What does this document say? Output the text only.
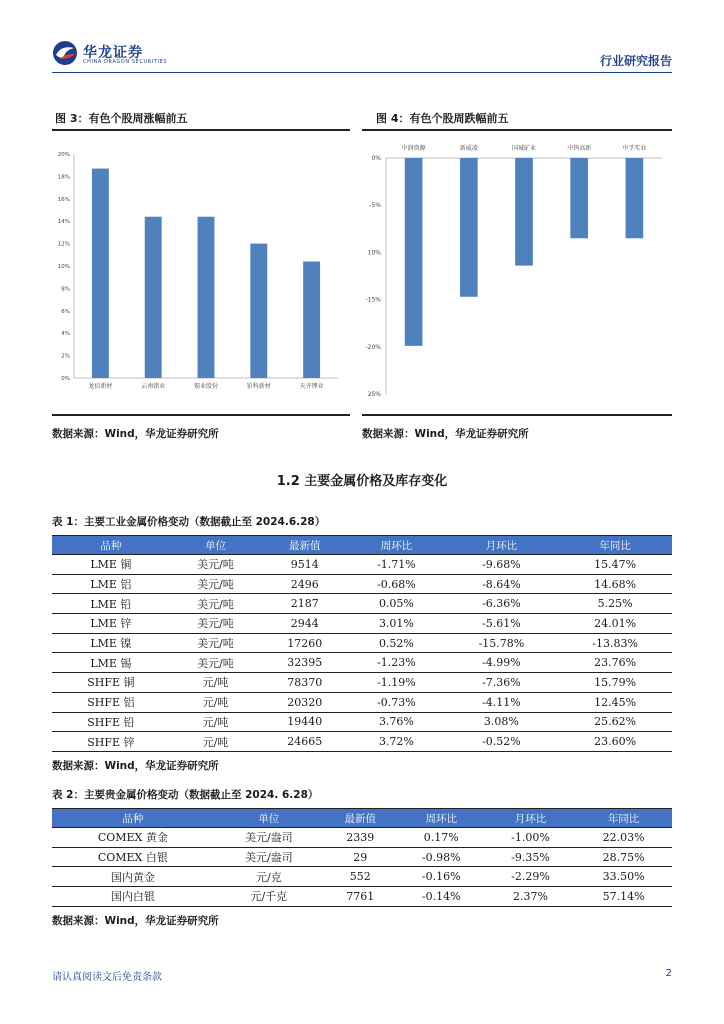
华龙证券
CHINA DRAGON SECURITIES	行业研究报告
图 3：有色个股周涨幅前五
0%
2%
4%
6%
8%
10%
12%
14%
16%
18%
20%
龙佰新材	云南锗业	锡业股份	铂科新材	天齐锂业
数据来源：Wind，华龙证券研究所
图 4：有色个股周跌幅前五
0%
-5%
10%
-15%
-20%
25%
中润资源	新威凌	国城矿业	中钨高新	中孚实业
数据来源：Wind，华龙证券研究所
1.2 主要金属价格及库存变化
表 1：主要工业金属价格变动（数据截止至 2024.6.28）
品种	单位	最新值	周环比	月环比	年同比
LME 铜	美元/吨	9514	-1.71%	-9.68%	15.47%
LME 铝	美元/吨	2496	-0.68%	-8.64%	14.68%
LME 铅	美元/吨	2187	0.05%	-6.36%	5.25%
LME 锌	美元/吨	2944	3.01%	-5.61%	24.01%
LME 镍	美元/吨	17260	0.52%	-15.78%	-13.83%
LME 锡	美元/吨	32395	-1.23%	-4.99%	23.76%
SHFE 铜	元/吨	78370	-1.19%	-7.36%	15.79%
SHFE 铝	元/吨	20320	-0.73%	-4.11%	12.45%
SHFE 铅	元/吨	19440	3.76%	3.08%	25.62%
SHFE 锌	元/吨	24665	3.72%	-0.52%	23.60%
数据来源：Wind，华龙证券研究所
表 2：主要贵金属价格变动（数据截止至 2024. 6.28）
品种	单位	最新值	周环比	月环比	年同比
COMEX 黄金	美元/盎司	2339	0.17%	-1.00%	22.03%
COMEX 白银	美元/盎司	29	-0.98%	-9.35%	28.75%
国内黄金	元/克	552	-0.16%	-2.29%	33.50%
国内白银	元/千克	7761	-0.14%	2.37%	57.14%
数据来源：Wind，华龙证券研究所
请认真阅读文后免责条款	2
